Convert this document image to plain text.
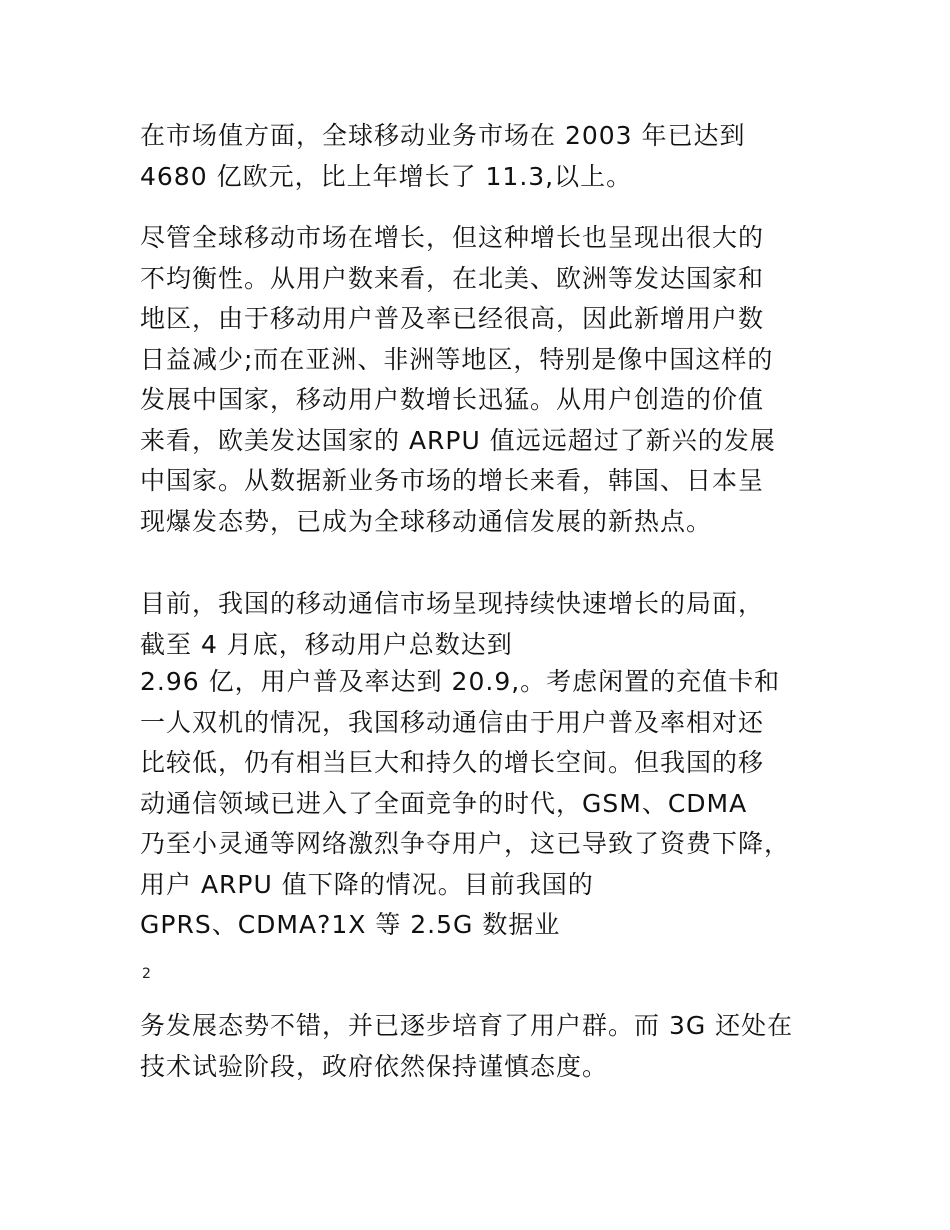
在市场值方面，全球移动业务市场在 2003 年已达到
4680 亿欧元，比上年增长了 11.3,以上。

尽管全球移动市场在增长，但这种增长也呈现出很大的
不均衡性。从用户数来看，在北美、欧洲等发达国家和
地区，由于移动用户普及率已经很高，因此新增用户数
日益减少;而在亚洲、非洲等地区，特别是像中国这样的
发展中国家，移动用户数增长迅猛。从用户创造的价值
来看，欧美发达国家的 ARPU 值远远超过了新兴的发展
中国家。从数据新业务市场的增长来看，韩国、日本呈
现爆发态势，已成为全球移动通信发展的新热点。

目前，我国的移动通信市场呈现持续快速增长的局面，
截至 4 月底，移动用户总数达到

2.96 亿，用户普及率达到 20.9,。考虑闲置的充值卡和
一人双机的情况，我国移动通信由于用户普及率相对还
比较低，仍有相当巨大和持久的增长空间。但我国的移
动通信领域已进入了全面竞争的时代，GSM、CDMA
乃至小灵通等网络激烈争夺用户，这已导致了资费下降，
用户 ARPU 值下降的情况。目前我国的
GPRS、CDMA?1X 等 2.5G 数据业

2

务发展态势不错，并已逐步培育了用户群。而 3G 还处在
技术试验阶段，政府依然保持谨慎态度。
